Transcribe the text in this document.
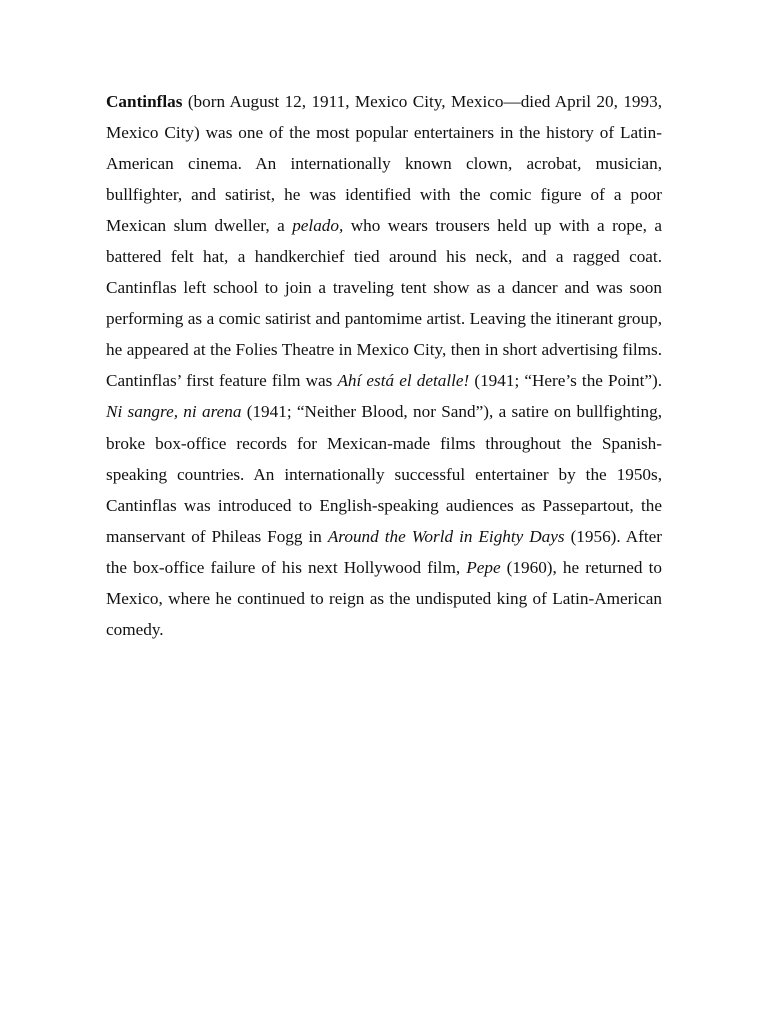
Cantinflas (born August 12, 1911, Mexico City, Mexico—died April 20, 1993, Mexico City) was one of the most popular entertainers in the history of Latin-American cinema. An internationally known clown, acrobat, musician, bullfighter, and satirist, he was identified with the comic figure of a poor Mexican slum dweller, a pelado, who wears trousers held up with a rope, a battered felt hat, a handkerchief tied around his neck, and a ragged coat. Cantinflas left school to join a traveling tent show as a dancer and was soon performing as a comic satirist and pantomime artist. Leaving the itinerant group, he appeared at the Folies Theatre in Mexico City, then in short advertising films. Cantinflas’ first feature film was Ahí está el detalle! (1941; “Here’s the Point”). Ni sangre, ni arena (1941; “Neither Blood, nor Sand”), a satire on bullfighting, broke box-office records for Mexican-made films throughout the Spanish-speaking countries. An internationally successful entertainer by the 1950s, Cantinflas was introduced to English-speaking audiences as Passepartout, the manservant of Phileas Fogg in Around the World in Eighty Days (1956). After the box-office failure of his next Hollywood film, Pepe (1960), he returned to Mexico, where he continued to reign as the undisputed king of Latin-American comedy.
